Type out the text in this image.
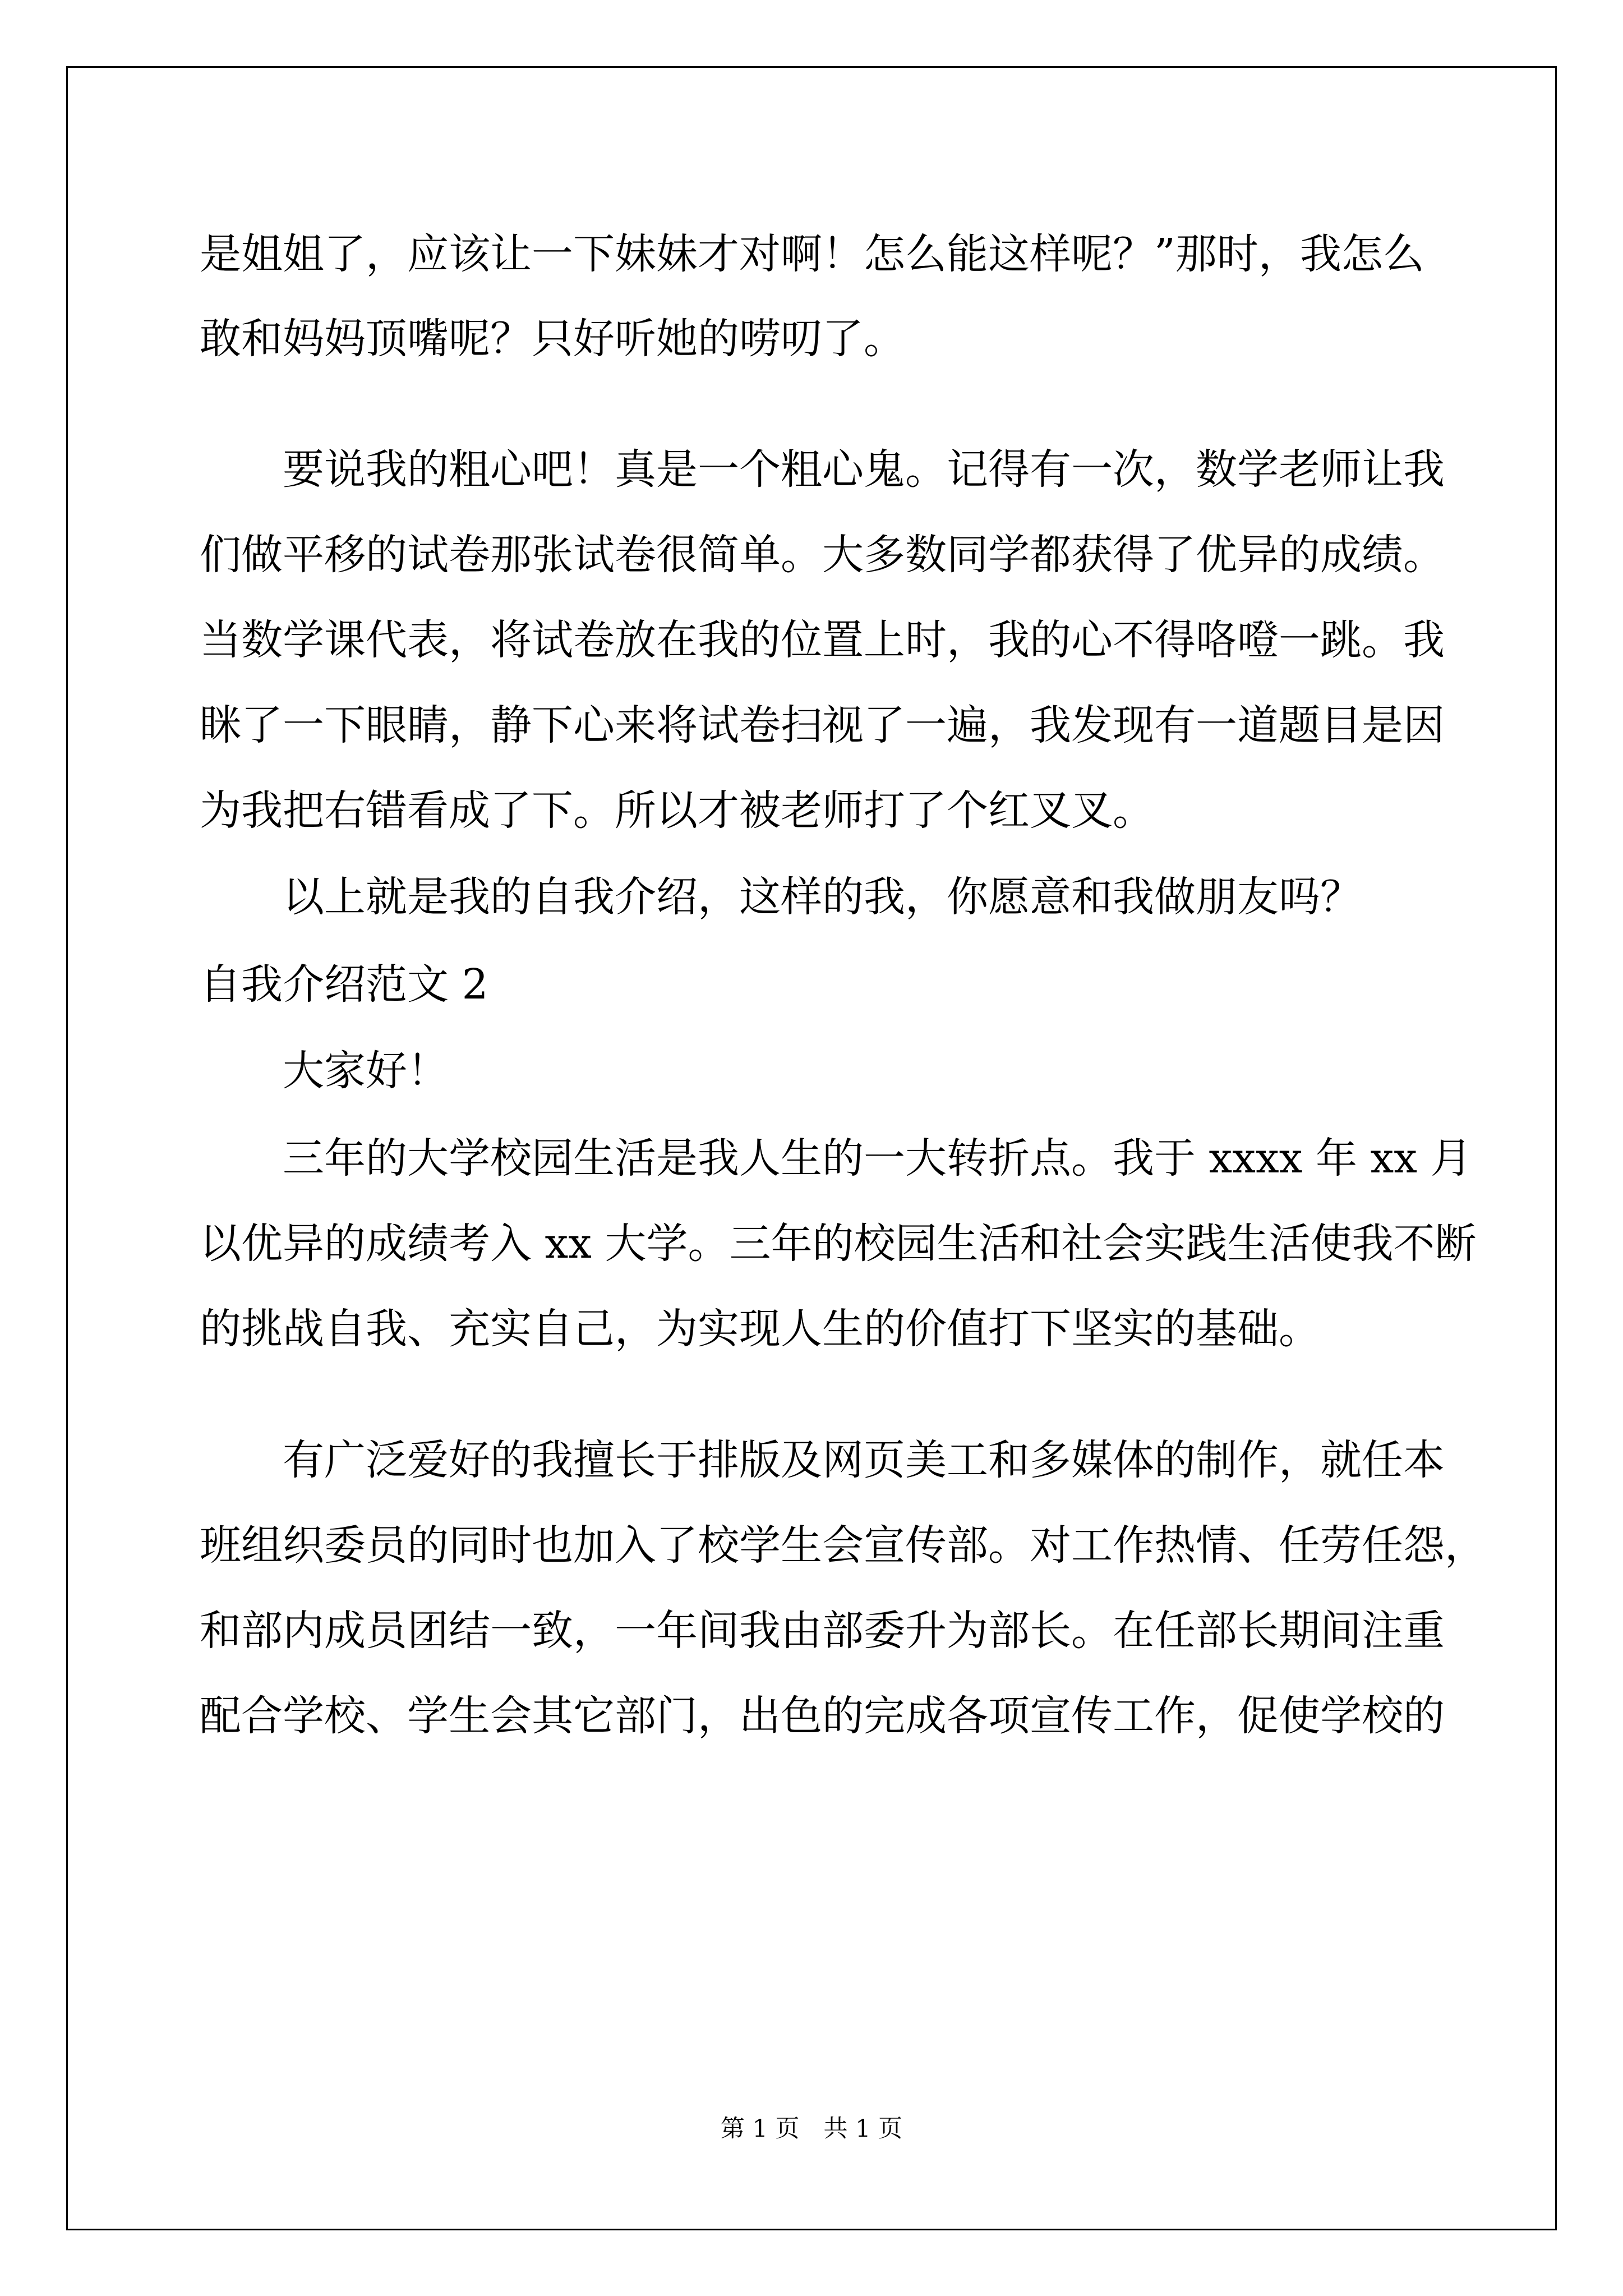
是姐姐了，应该让一下妹妹才对啊！怎么能这样呢？”那时，我怎么
敢和妈妈顶嘴呢？只好听她的唠叨了。
要说我的粗心吧！真是一个粗心鬼。记得有一次，数学老师让我
们做平移的试卷那张试卷很简单。大多数同学都获得了优异的成绩。
当数学课代表，将试卷放在我的位置上时，我的心不得咯噔一跳。我
眯了一下眼睛，静下心来将试卷扫视了一遍，我发现有一道题目是因
为我把右错看成了下。所以才被老师打了个红叉叉。
以上就是我的自我介绍，这样的我，你愿意和我做朋友吗？
自我介绍范文 2
大家好！
三年的大学校园生活是我人生的一大转折点。我于 xxxx 年 xx 月
以优异的成绩考入 xx 大学。三年的校园生活和社会实践生活使我不断
的挑战自我、充实自己，为实现人生的价值打下坚实的基础。
有广泛爱好的我擅长于排版及网页美工和多媒体的制作，就任本
班组织委员的同时也加入了校学生会宣传部。对工作热情、任劳任怨，
和部内成员团结一致，一年间我由部委升为部长。在任部长期间注重
配合学校、学生会其它部门，出色的完成各项宣传工作，促使学校的
第 1 页　共 1 页
